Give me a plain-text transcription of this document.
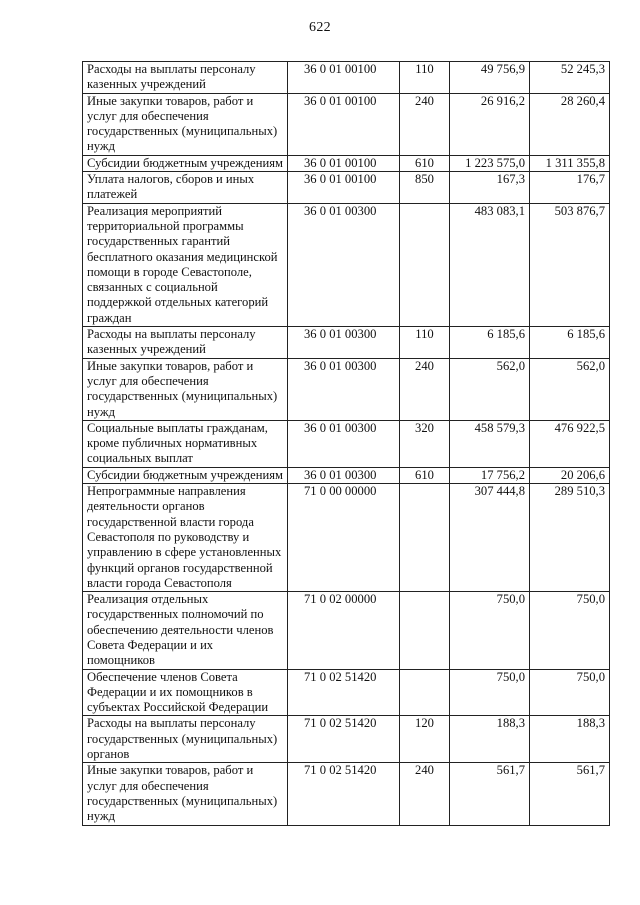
622
Расходы на выплаты персоналу казенных учреждений	36 0 01 00100	110	49 756,9	52 245,3
Иные закупки товаров, работ и услуг для обеспечения государственных (муниципальных) нужд	36 0 01 00100	240	26 916,2	28 260,4
Субсидии бюджетным учреждениям	36 0 01 00100	610	1 223 575,0	1 311 355,8
Уплата налогов, сборов и иных платежей	36 0 01 00100	850	167,3	176,7
Реализация мероприятий территориальной программы государственных гарантий бесплатного оказания медицинской помощи в городе Севастополе, связанных с социальной поддержкой отдельных категорий граждан	36 0 01 00300		483 083,1	503 876,7
Расходы на выплаты персоналу казенных учреждений	36 0 01 00300	110	6 185,6	6 185,6
Иные закупки товаров, работ и услуг для обеспечения государственных (муниципальных) нужд	36 0 01 00300	240	562,0	562,0
Социальные выплаты гражданам, кроме публичных нормативных социальных выплат	36 0 01 00300	320	458 579,3	476 922,5
Субсидии бюджетным учреждениям	36 0 01 00300	610	17 756,2	20 206,6
Непрограммные направления деятельности органов государственной власти города Севастополя по руководству и управлению в сфере установленных функций органов государственной власти города Севастополя	71 0 00 00000		307 444,8	289 510,3
Реализация отдельных государственных полномочий по обеспечению деятельности членов Совета Федерации и их помощников	71 0 02 00000		750,0	750,0
Обеспечение членов Совета Федерации и их помощников в субъектах Российской Федерации	71 0 02 51420		750,0	750,0
Расходы на выплаты персоналу государственных (муниципальных) органов	71 0 02 51420	120	188,3	188,3
Иные закупки товаров, работ и услуг для обеспечения государственных (муниципальных) нужд	71 0 02 51420	240	561,7	561,7
